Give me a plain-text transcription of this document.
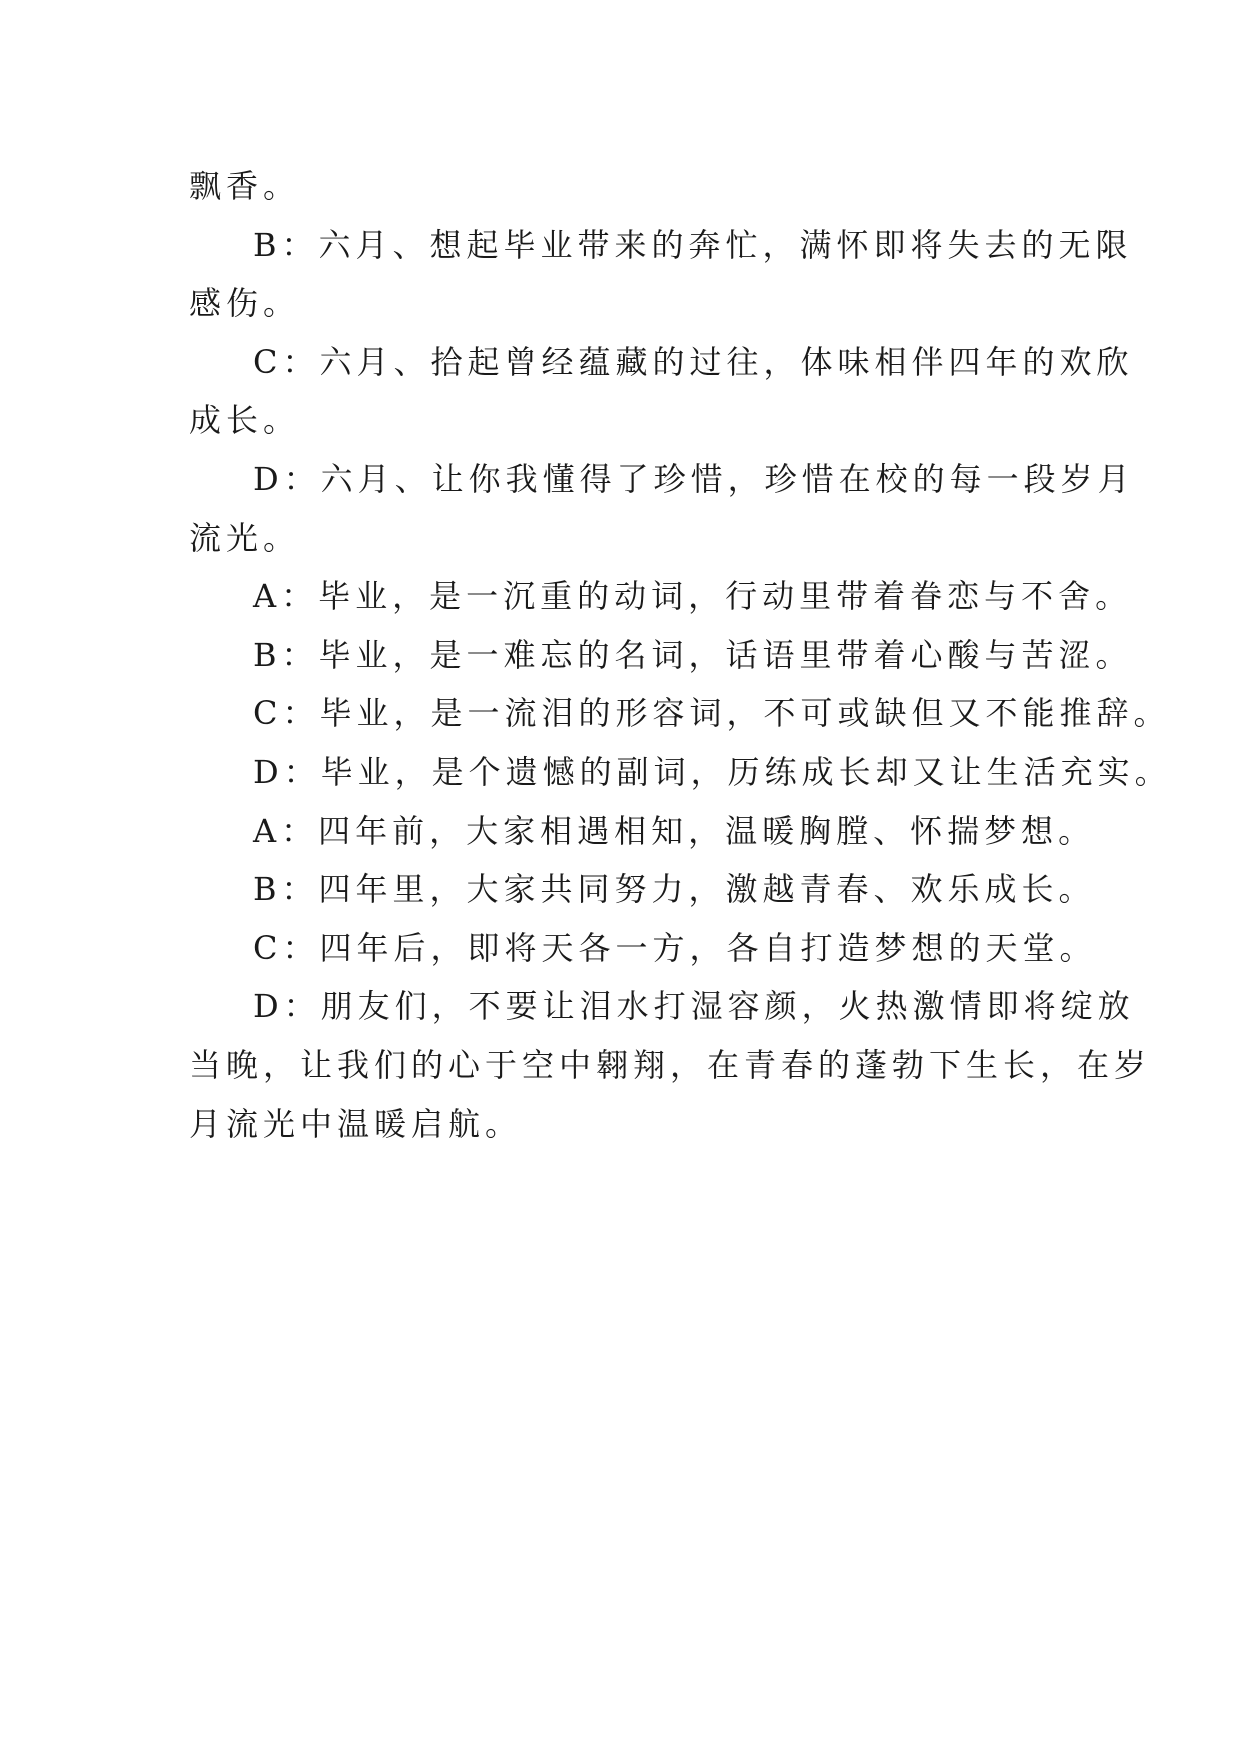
飘香。
B：六月、想起毕业带来的奔忙，满怀即将失去的无限
感伤。
C：六月、拾起曾经蕴藏的过往，体味相伴四年的欢欣
成长。
D：六月、让你我懂得了珍惜，珍惜在校的每一段岁月
流光。
A：毕业，是一沉重的动词，行动里带着眷恋与不舍。
B：毕业，是一难忘的名词，话语里带着心酸与苦涩。
C：毕业，是一流泪的形容词，不可或缺但又不能推辞。
D：毕业，是个遗憾的副词，历练成长却又让生活充实。
A：四年前，大家相遇相知，温暖胸膛、怀揣梦想。
B：四年里，大家共同努力，激越青春、欢乐成长。
C：四年后，即将天各一方，各自打造梦想的天堂。
D：朋友们，不要让泪水打湿容颜，火热激情即将绽放
当晚，让我们的心于空中翱翔，在青春的蓬勃下生长，在岁
月流光中温暖启航。
